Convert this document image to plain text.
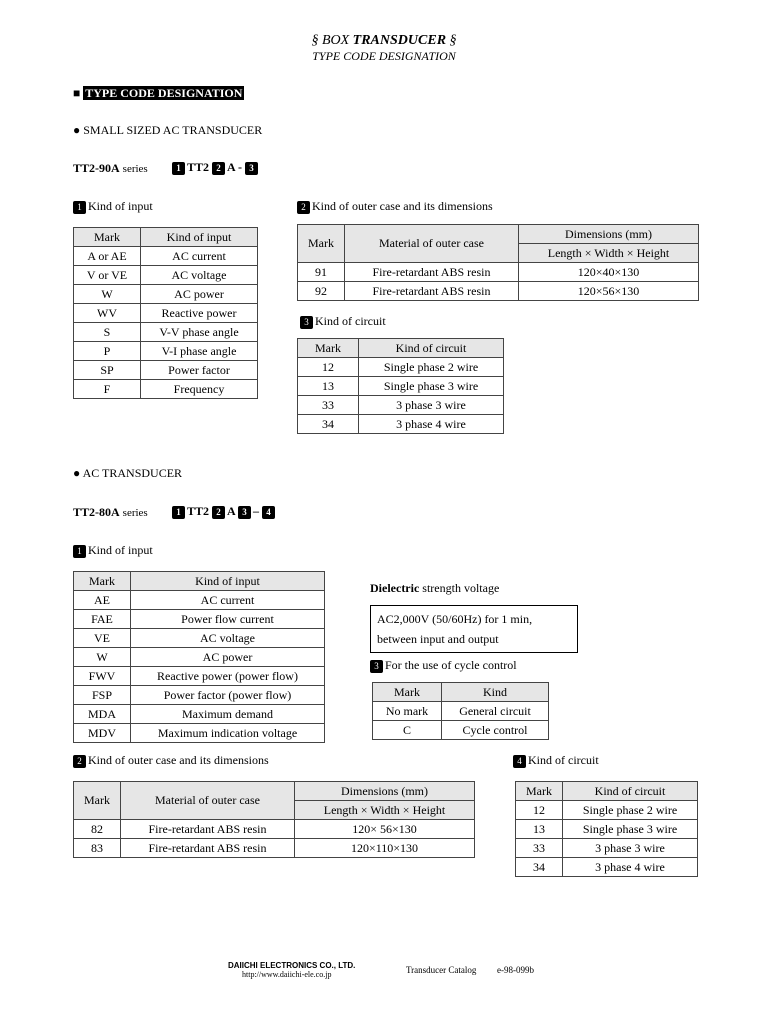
§ BOX TRANSDUCER §
TYPE CODE DESIGNATION
■ TYPE CODE DESIGNATION
● SMALL SIZED AC TRANSDUCER
TT2-90A series	1 TT2 2 A - 3
1 Kind of input
Mark	Kind of input
A or AE	AC current
V or VE	AC voltage
W	AC power
WV	Reactive power
S	V-V phase angle
P	V-I phase angle
SP	Power factor
F	Frequency
2 Kind of outer case and its dimensions
Mark	Material of outer case	Dimensions (mm)
		Length × Width × Height
91	Fire-retardant ABS resin	120×40×130
92	Fire-retardant ABS resin	120×56×130
3 Kind of circuit
Mark	Kind of circuit
12	Single phase 2 wire
13	Single phase 3 wire
33	3 phase 3 wire
34	3 phase 4 wire
● AC TRANSDUCER
TT2-80A series	1 TT2 2 A 3 – 4
1 Kind of input
Mark	Kind of input
AE	AC current
FAE	Power flow current
VE	AC voltage
W	AC power
FWV	Reactive power (power flow)
FSP	Power factor (power flow)
MDA	Maximum demand
MDV	Maximum indication voltage
Dielectric strength voltage
AC2,000V (50/60Hz) for 1 min,
between input and output
3 For the use of cycle control
Mark	Kind
No mark	General circuit
C	Cycle control
2 Kind of outer case and its dimensions
Mark	Material of outer case	Dimensions (mm)
		Length × Width × Height
82	Fire-retardant ABS resin	120× 56×130
83	Fire-retardant ABS resin	120×110×130
4 Kind of circuit
Mark	Kind of circuit
12	Single phase 2 wire
13	Single phase 3 wire
33	3 phase 3 wire
34	3 phase 4 wire
DAIICHI ELECTRONICS CO., LTD.
http://www.daiichi-ele.co.jp	Transducer Catalog e-98-099b
